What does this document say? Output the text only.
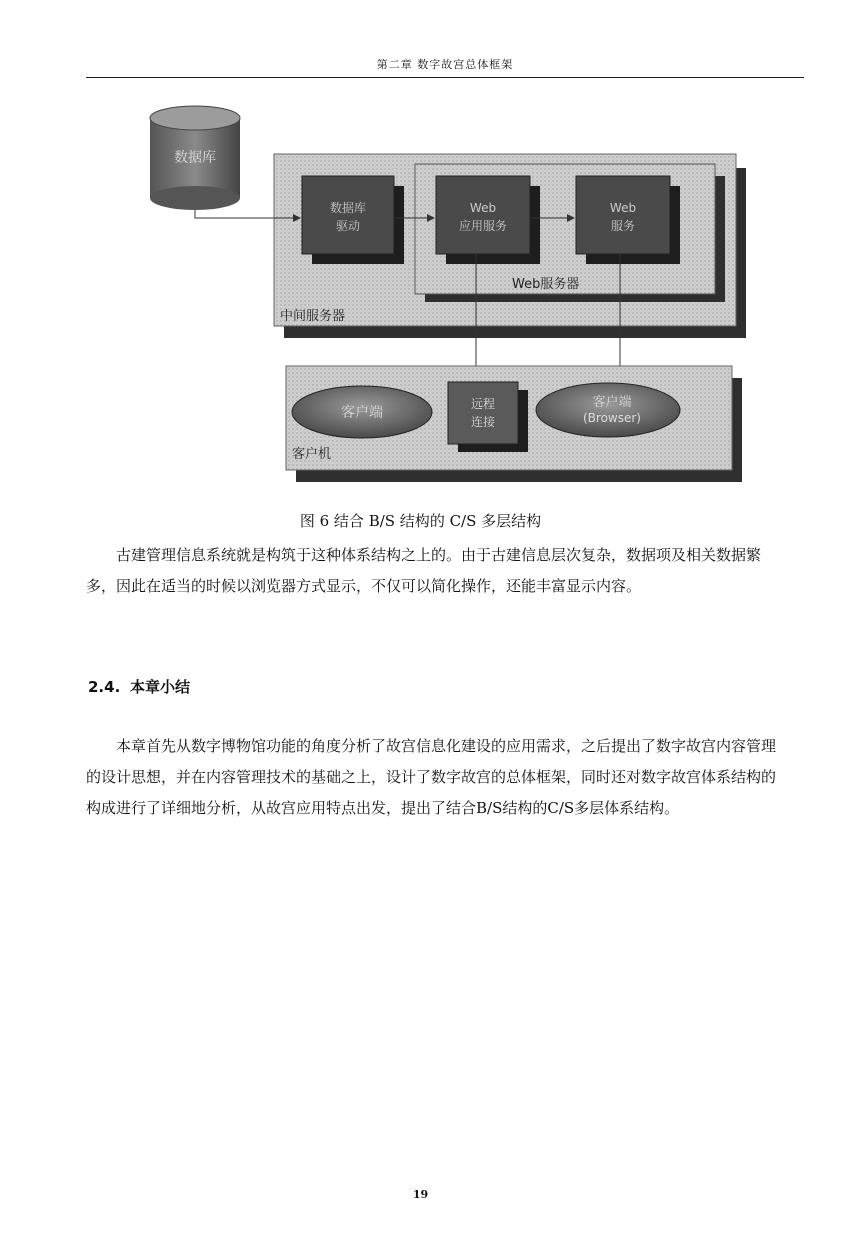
第二章 数字故宫总体框架
数据库
中间服务器
Web服务器
数据库
驱动
Web
应用服务
Web
服务
客户机
客户端
远程
连接
客户端
(Browser)
图 6 结合 B/S 结构的 C/S 多层结构

古建管理信息系统就是构筑于这种体系结构之上的。由于古建信息层次复杂，数据项及相关数据繁多，因此在适当的时候以浏览器方式显示，不仅可以简化操作，还能丰富显示内容。

2.4. 本章小结

本章首先从数字博物馆功能的角度分析了故宫信息化建设的应用需求，之后提出了数字故宫内容管理的设计思想，并在内容管理技术的基础之上，设计了数字故宫的总体框架，同时还对数字故宫体系结构的构成进行了详细地分析，从故宫应用特点出发，提出了结合B/S结构的C/S多层体系结构。

19
